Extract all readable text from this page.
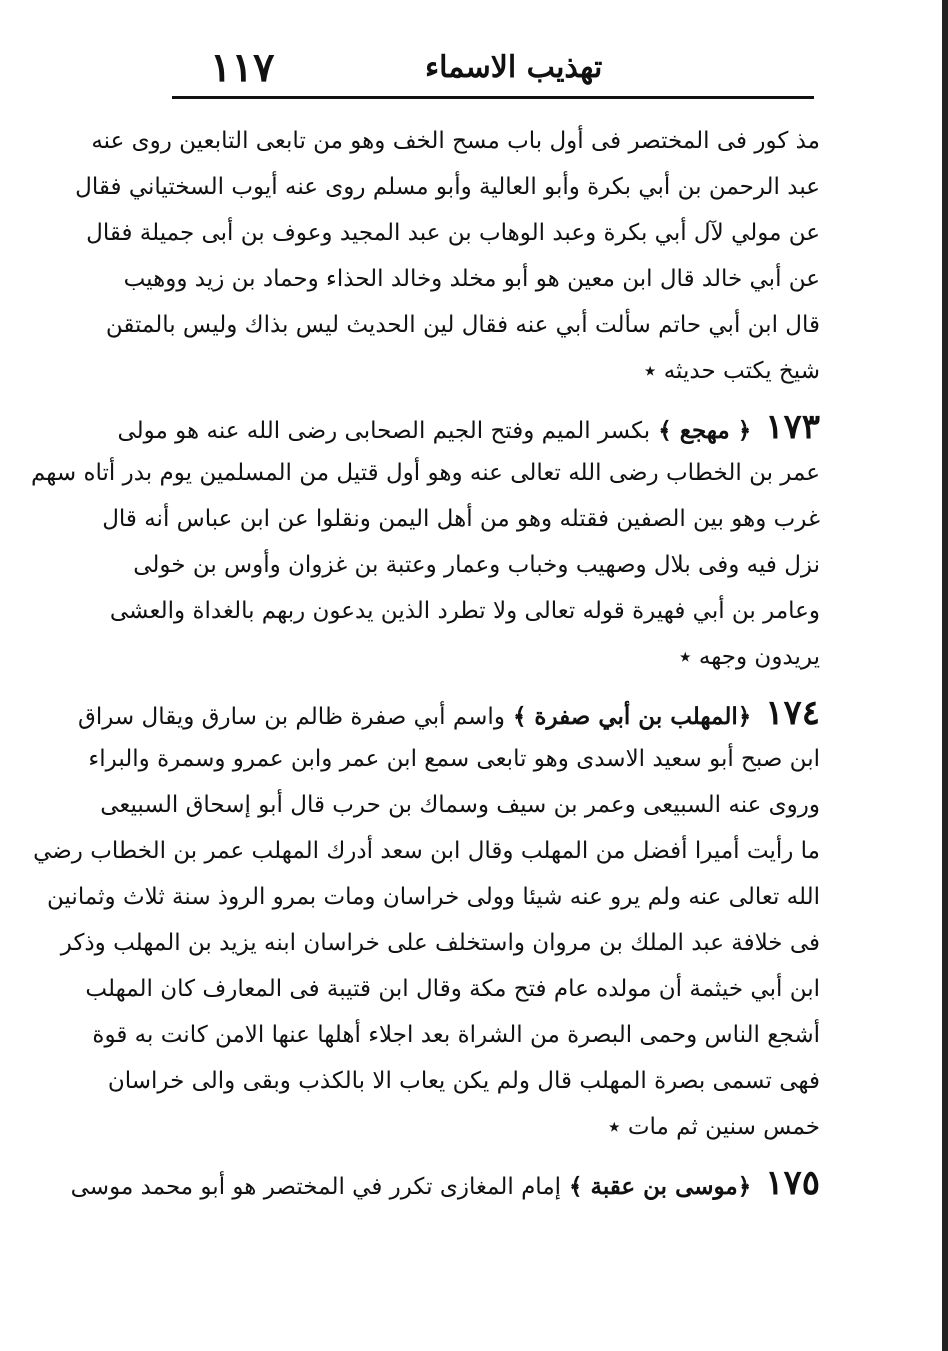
١١٧	تهذيب الاسماء
مذ كور فى المختصر فى أول باب مسح الخف وهو من تابعى التابعين روى عنه
عبد الرحمن بن أبي بكرة وأبو العالية وأبو مسلم روى عنه أيوب السختياني فقال
عن مولي لآل أبي بكرة وعبد الوهاب بن عبد المجيد وعوف بن أبى جميلة فقال
عن أبي خالد قال ابن معين هو أبو مخلد وخالد الحذاء وحماد بن زيد ووهيب
قال ابن أبي حاتم سألت أبي عنه فقال لين الحديث ليس بذاك وليس بالمتقن
شيخ يكتب حديثه ٭
١٧٣﴿ مهجع ﴾ بكسر الميم وفتح الجيم الصحابى رضى الله عنه هو مولى
عمر بن الخطاب رضى الله تعالى عنه وهو أول قتيل من المسلمين يوم بدر أتاه سهم
غرب وهو بين الصفين فقتله وهو من أهل اليمن ونقلوا عن ابن عباس أنه قال
نزل فيه وفى بلال وصهيب وخباب وعمار وعتبة بن غزوان وأوس بن خولى
وعامر بن أبي فهيرة قوله تعالى ولا تطرد الذين يدعون ربهم بالغداة والعشى
يريدون وجهه ٭
١٧٤﴿المهلب بن أبي صفرة ﴾ واسم أبي صفرة ظالم بن سارق ويقال سراق
ابن صبح أبو سعيد الاسدى وهو تابعى سمع ابن عمر وابن عمرو وسمرة والبراء
وروى عنه السبيعى وعمر بن سيف وسماك بن حرب قال أبو إسحاق السبيعى
ما رأيت أميرا أفضل من المهلب وقال ابن سعد أدرك المهلب عمر بن الخطاب رضي
الله تعالى عنه ولم يرو عنه شيئا وولى خراسان ومات بمرو الروذ سنة ثلاث وثمانين
فى خلافة عبد الملك بن مروان واستخلف على خراسان ابنه يزيد بن المهلب وذكر
ابن أبي خيثمة أن مولده عام فتح مكة وقال ابن قتيبة فى المعارف كان المهلب
أشجع الناس وحمى البصرة من الشراة بعد اجلاء أهلها عنها الامن كانت به قوة
فهى تسمى بصرة المهلب قال ولم يكن يعاب الا بالكذب وبقى والى خراسان
خمس سنين ثم مات ٭
١٧٥﴿موسى بن عقبة ﴾ إمام المغازى تكرر في المختصر هو أبو محمد موسى
